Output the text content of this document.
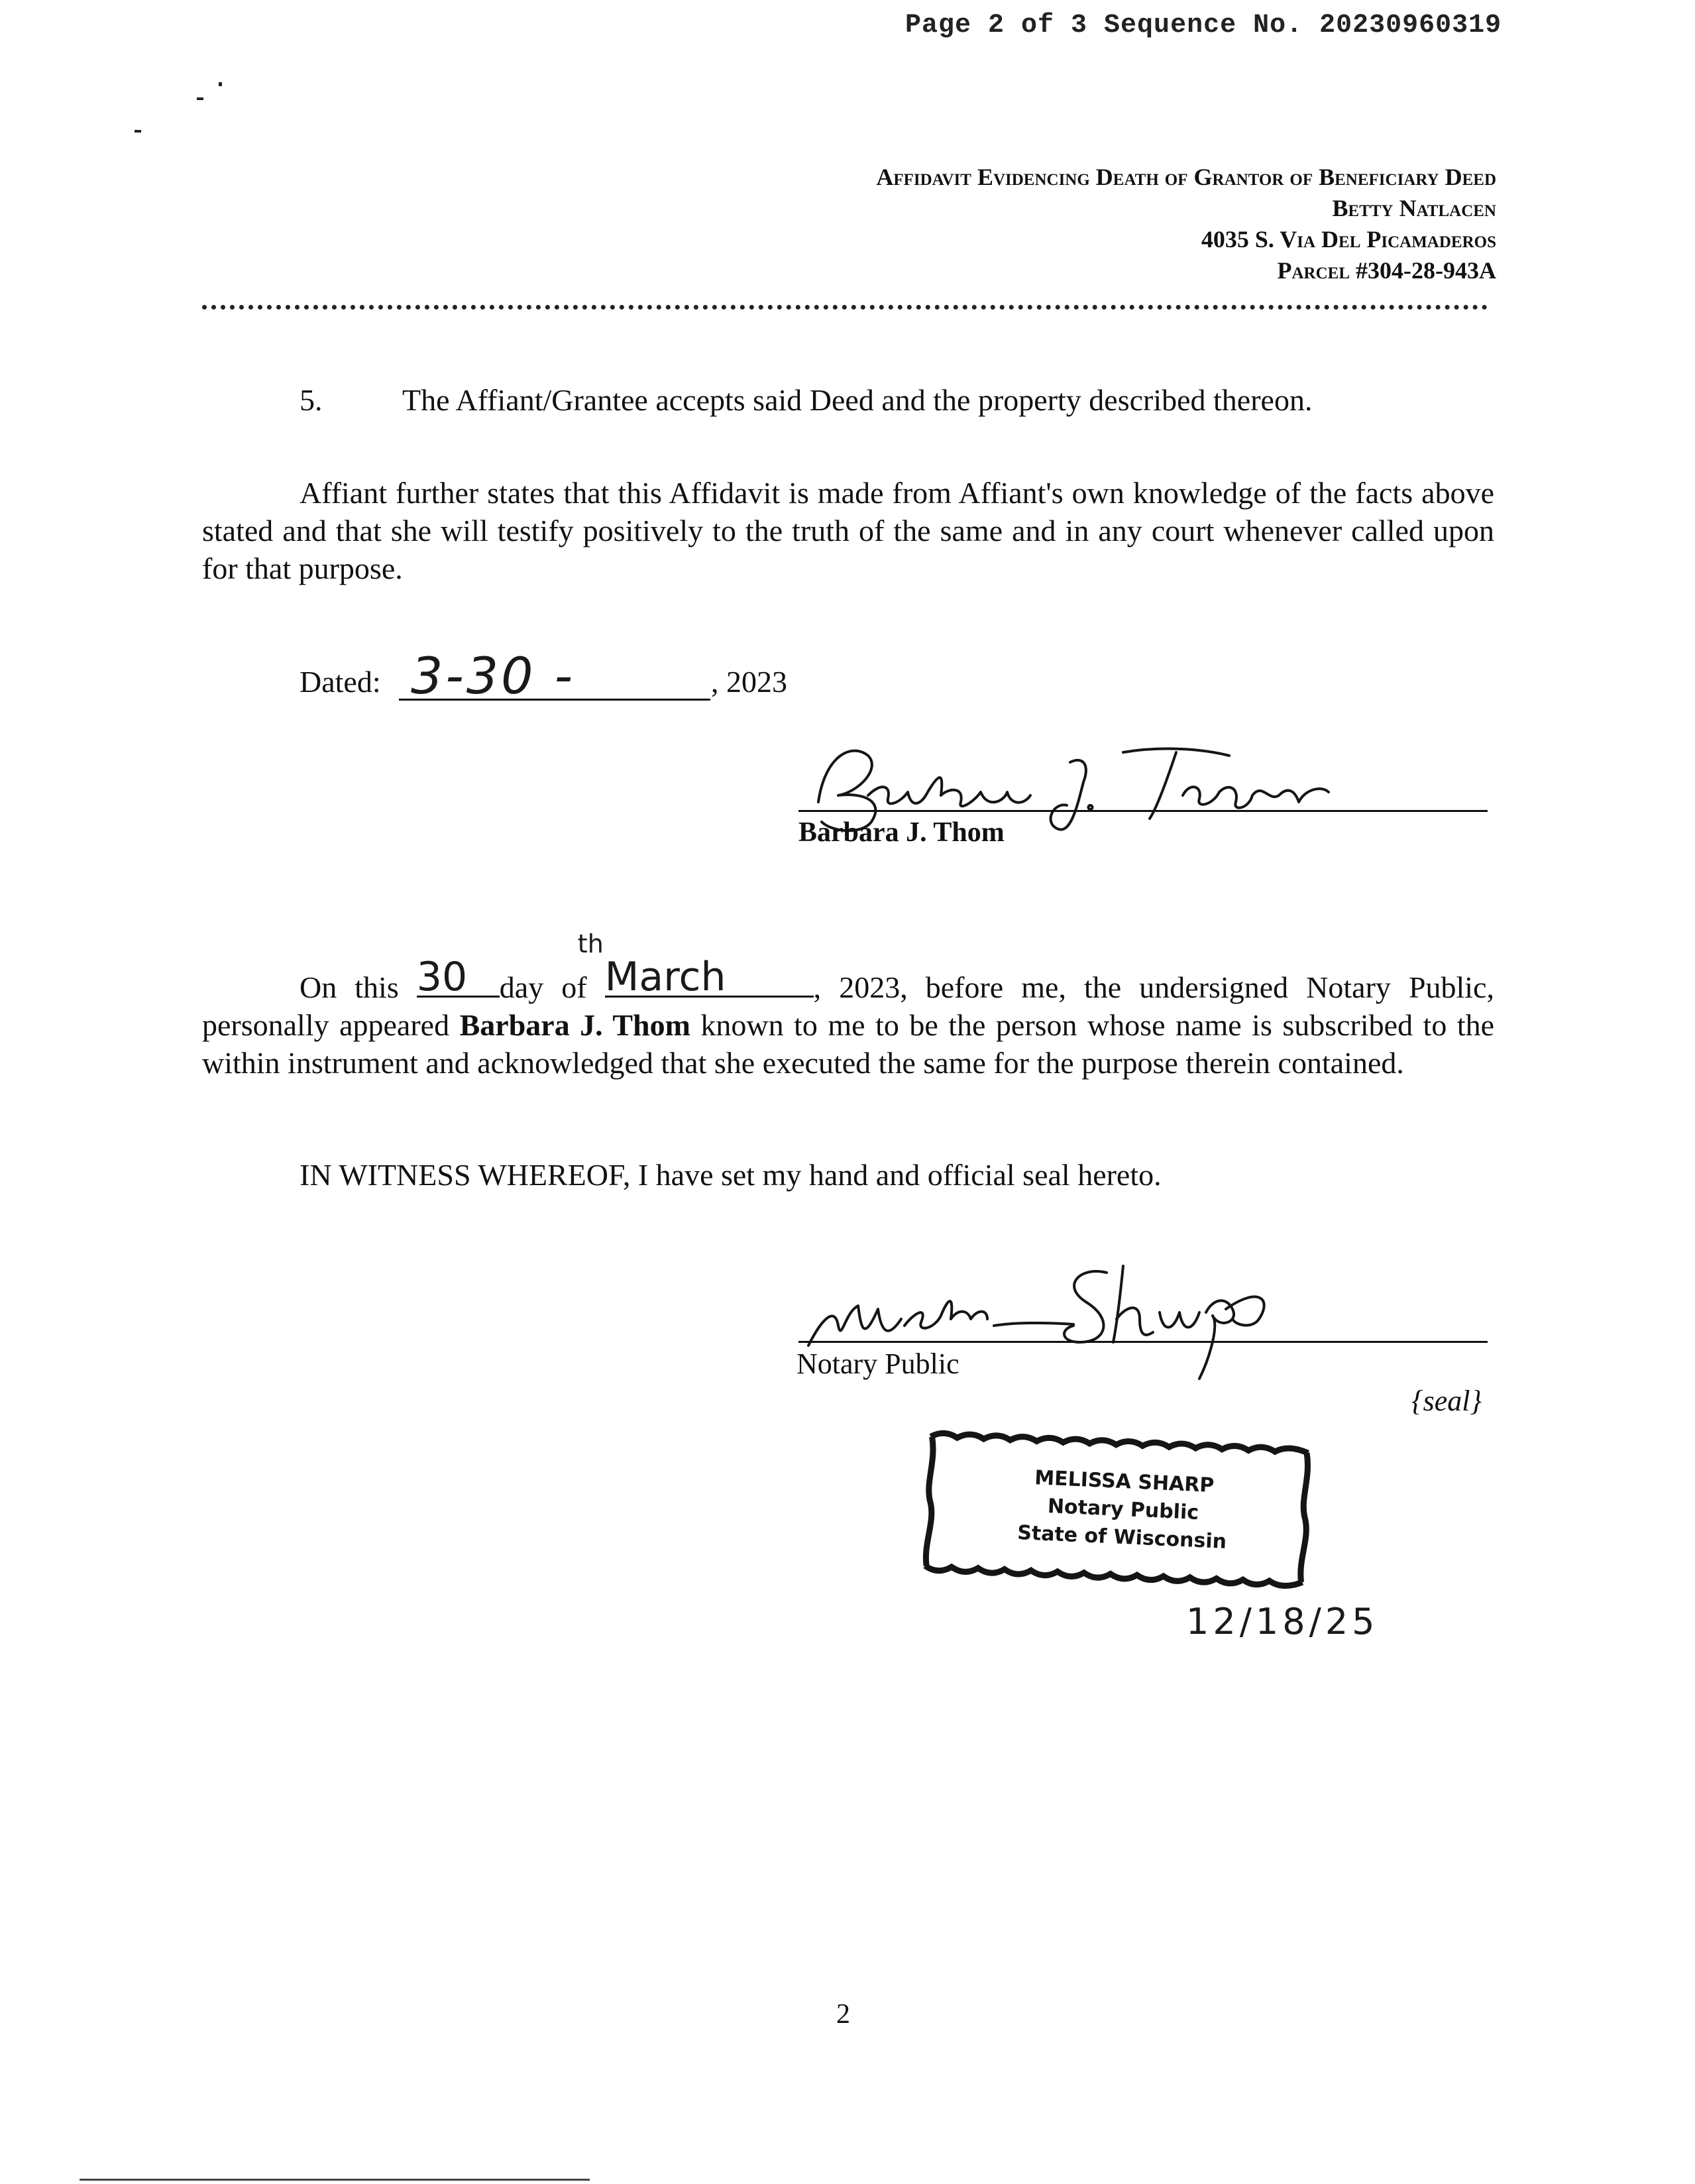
Page 2 of 3 Sequence No. 20230960319
Affidavit Evidencing Death of Grantor of Beneficiary Deed
Betty Natlacen
4035 S. Via Del Picamaderos
Parcel #304-28-943A
5.	The Affiant/Grantee accepts said Deed and the property described thereon.
Affiant further states that this Affidavit is made from Affiant's own knowledge of the facts above stated and that she will testify positively to the truth of the same and in any court whenever called upon for that purpose.
Dated: 3-30 -	, 2023
Barbara J. Thom
On this 30
th
day of March	, 2023, before me, the undersigned Notary Public, personally appeared Barbara J. Thom known to me to be the person whose name is subscribed to the within instrument and acknowledged that she executed the same for the purpose therein contained.
IN WITNESS WHEREOF, I have set my hand and official seal hereto.
Notary Public
{seal}
MELISSA SHARP
Notary Public
State of Wisconsin
12/18/25
2
